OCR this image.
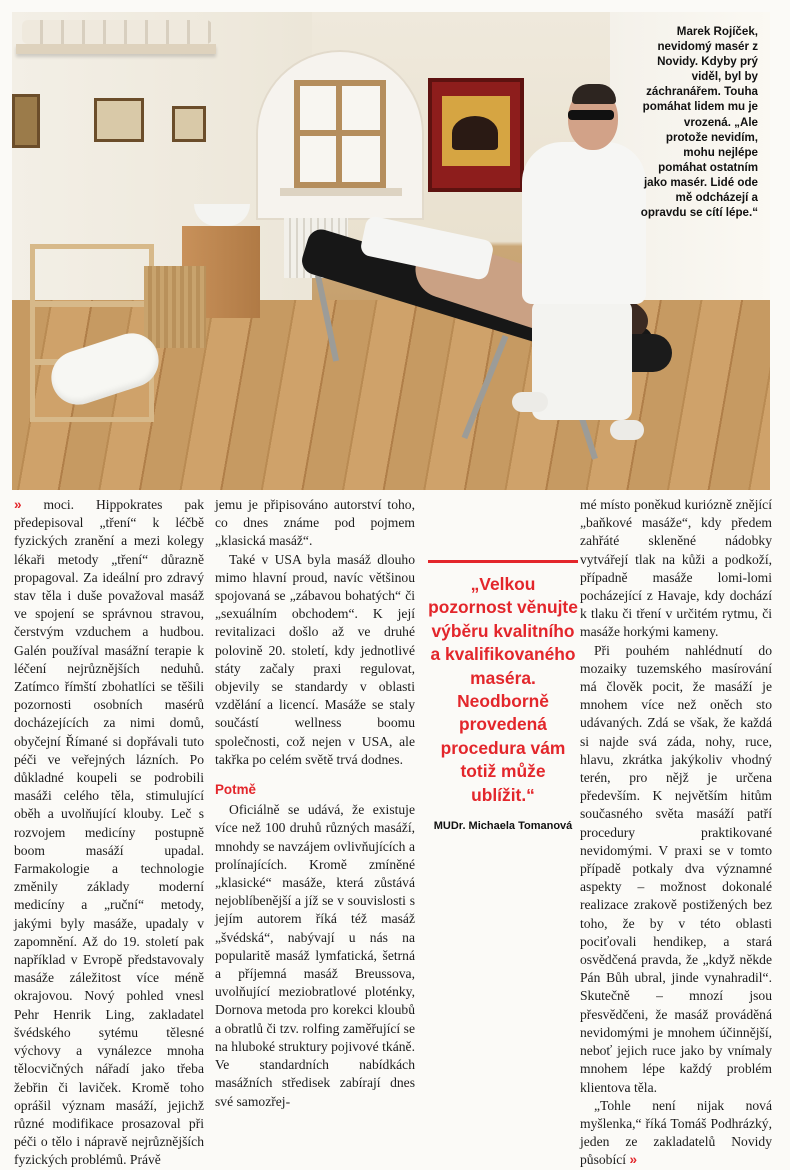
Marek Rojíček, nevidomý masér z Novidy. Kdyby prý viděl, byl by záchranářem. Touha pomáhat lidem mu je vrozená. „Ale protože nevidím, mohu nejlépe pomáhat ostatním jako masér. Lidé ode mě odcházejí a opravdu se cítí lépe.“

» moci. Hippokrates pak předepisoval „tření“ k léčbě fyzických zranění a mezi kolegy lékaři metody „tření“ důrazně propagoval. Za ideální pro zdravý stav těla i duše považoval masáž ve spojení se správnou stravou, čerstvým vzduchem a hudbou. Galén používal masážní terapie k léčení nejrůznějších neduhů. Zatímco římští zbohatlíci se těšili pozornosti osobních masérů docházejících za nimi domů, obyčejní Římané si dopřávali tuto péči ve veřejných lázních. Po důkladné koupeli se podrobili masáži celého těla, stimulující oběh a uvolňující klouby. Leč s rozvojem medicíny postupně boom masáží upadal. Farmakologie a technologie změnily základy moderní medicíny a „ruční“ metody, jakými byly masáže, upadaly v zapomnění. Až do 19. století pak například v Evropě představovaly masáže záležitost více méně okrajovou. Nový pohled vnesl Pehr Henrik Ling, zakladatel švédského sytému tělesné výchovy a vynálezce mnoha tělocvičných nářadí jako třeba žebřin či laviček. Kromě toho oprášil význam masáží, jejichž různé modifikace prosazoval při péči o tělo i nápravě nejrůznějších fyzických problémů. Právě

jemu je připisováno autorství toho, co dnes známe pod pojmem „klasická masáž“.

Také v USA byla masáž dlouho mimo hlavní proud, navíc většinou spojovaná se „zábavou bohatých“ či „sexuálním obchodem“. K její revitalizaci došlo až ve druhé polovině 20. století, kdy jednotlivé státy začaly praxi regulovat, objevily se standardy v oblasti vzdělání a licencí. Masáže se staly součástí wellness boomu společnosti, což nejen v USA, ale takřka po celém světě trvá dodnes.

Potmě

Oficiálně se udává, že existuje více než 100 druhů různých masáží, mnohdy se navzájem ovlivňujících a prolínajících. Kromě zmíněné „klasické“ masáže, která zůstává nejoblíbenější a jíž se v souvislosti s jejím autorem říká též masáž „švédská“, nabývají u nás na popularitě masáž lymfatická, šetrná a příjemná masáž Breussova, uvolňující meziobratlové ploténky, Dornova metoda pro korekci kloubů a obratlů či tzv. rolfing zaměřující se na hluboké struktury pojivové tkáně. Ve standardních nabídkách masážních středisek zabírají dnes své samozřej-

„Velkou pozornost věnujte výběru kvalitního a kvalifikovaného maséra. Neodborně provedená procedura vám totiž může ublížit.“
MUDr. Michaela Tomanová

mé místo poněkud kuriózně znějící „baňkové masáže“, kdy předem zahřáté skleněné nádobky vytvářejí tlak na kůži a podkoží, případně masáže lomi-lomi pocházející z Havaje, kdy dochází k tlaku či tření v určitém rytmu, či masáže horkými kameny.

Při pouhém nahlédnutí do mozaiky tuzemského masírování má člověk pocit, že masáží je mnohem více než oněch sto udávaných. Zdá se však, že každá si najde svá záda, nohy, ruce, hlavu, zkrátka jakýkoliv vhodný terén, pro nějž je určena především. K největším hitům současného světa masáží patří procedury praktikované nevidomými. V praxi se v tomto případě potkaly dva významné aspekty – možnost dokonalé realizace zrakově postižených bez toho, že by v této oblasti pociťovali hendikep, a stará osvědčená pravda, že „když někde Pán Bůh ubral, jinde vynahradil“. Skutečně – mnozí jsou přesvědčeni, že masáž prováděná nevidomými je mnohem účinnější, neboť jejich ruce jako by vnímaly mnohem lépe každý problém klientova těla.

„Tohle není nijak nová myšlenka,“ říká Tomáš Podhrázký, jeden ze zakladatelů Novidy působící »
